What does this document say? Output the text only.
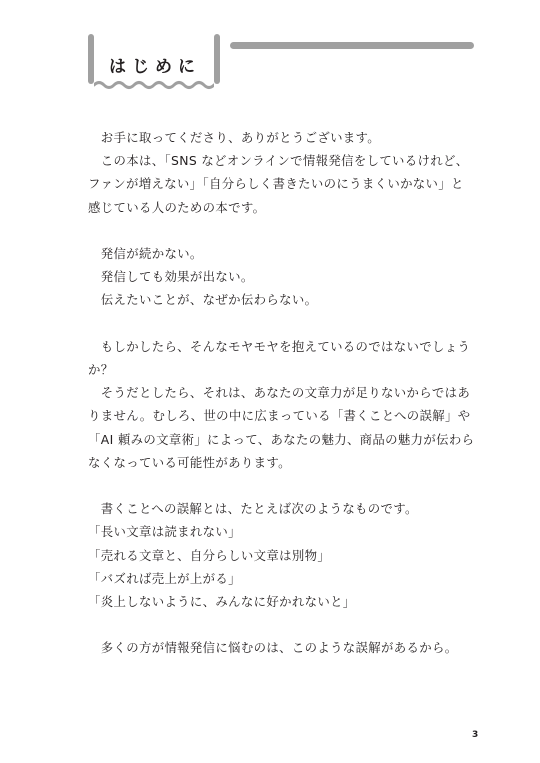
はじめに

　お手に取ってくださり、ありがとうございます。

　この本は、「SNS などオンラインで情報発信をしているけれど、

ファンが増えない」「自分らしく書きたいのにうまくいかない」と

感じている人のための本です。

　発信が続かない。

　発信しても効果が出ない。

　伝えたいことが、なぜか伝わらない。

　もしかしたら、そんなモヤモヤを抱えているのではないでしょう

か？

　そうだとしたら、それは、あなたの文章力が足りないからではあ

りません。むしろ、世の中に広まっている「書くことへの誤解」や

「AI 頼みの文章術」によって、あなたの魅力、商品の魅力が伝わら

なくなっている可能性があります。

　書くことへの誤解とは、たとえば次のようなものです。

「長い文章は読まれない」

「売れる文章と、自分らしい文章は別物」

「バズれば売上が上がる」

「炎上しないように、みんなに好かれないと」

　多くの方が情報発信に悩むのは、このような誤解があるから。

3
